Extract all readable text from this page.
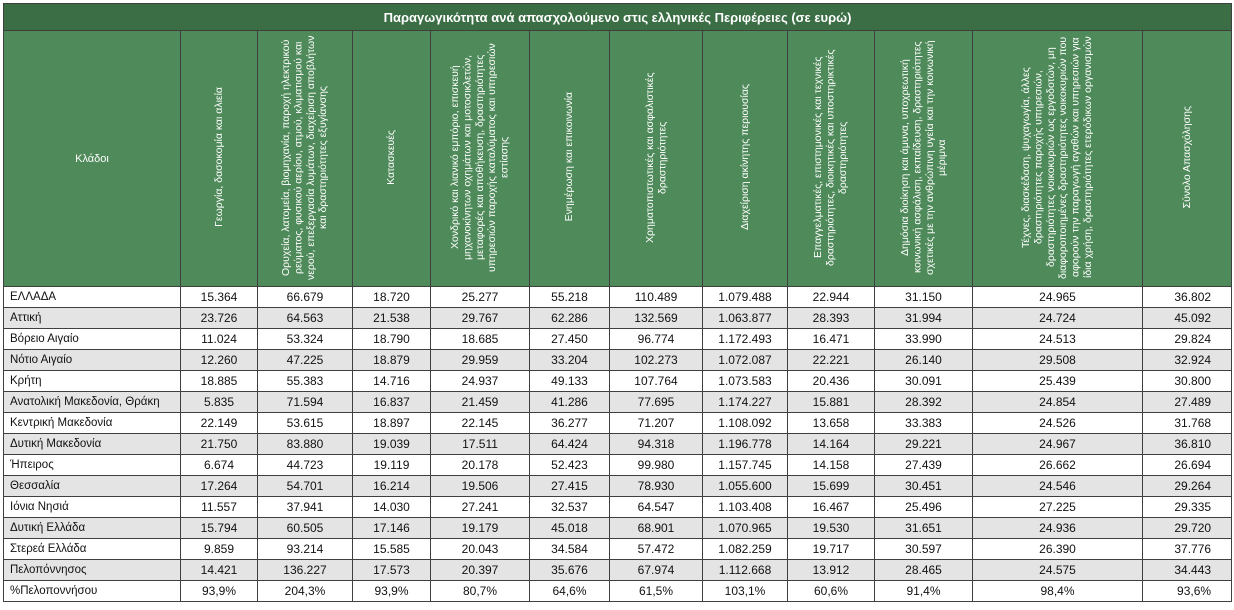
Παραγωγικότητα ανά απασχολούμενο στις ελληνικές Περιφέρειες (σε ευρώ)											
Κλάδοι	Γεωργία, δασοκομία και αλιεία	Ορυχεία, λατομεία, βιομηχανία, παροχή ηλεκτρικού ρεύματος, φυσικού αερίου, ατμού, κλιματισμού και νερού, επεξεργασία λυμάτων, διαχείριση αποβλήτων και δραστηριότητες εξυγίανσης	Κατασκευές	Χονδρικό και λιανικό εμπόριο, επισκευή μηχανοκίνητων οχημάτων και μοτοσικλετών, μεταφορές και αποθήκευση, δραστηριότητες υπηρεσιών παροχής καταλύματος και υπηρεσιών εστίασης	Ενημέρωση και επικοινωνία	Χρηματοπιστωτικές και ασφαλιστικές δραστηριότητες	Διαχείριση ακίνητης περιουσίας	Επαγγελματικές, επιστημονικές και τεχνικές δραστηριότητες, διοικητικές και υποστηρικτικές δραστηριότητες	Δημόσια διοίκηση και άμυνα, υποχρεωτική κοινωνική ασφάλιση, εκπαίδευση, δραστηριότητες σχετικές με την ανθρώπινη υγεία και την κοινωνική μέριμνα	Τέχνες, διασκέδαση, ψυχαγωγία, άλλες δραστηριότητες παροχής υπηρεσιών, δραστηριότητες νοικοκυριών ως εργοδοτών, μη διαφοροποιημένες δραστηριότητες νοικοκυριών που αφορούν την παραγωγή αγαθών και υπηρεσιών για ίδια χρήση, δραστηριότητες ετερόδικων οργανισμών	Σύνολο Απασχόλησης
ΕΛΛΑΔΑ	15.364	66.679	18.720	25.277	55.218	110.489	1.079.488	22.944	31.150	24.965	36.802
Αττική	23.726	64.563	21.538	29.767	62.286	132.569	1.063.877	28.393	31.994	24.724	45.092
Βόρειο Αιγαίο	11.024	53.324	18.790	18.685	27.450	96.774	1.172.493	16.471	33.990	24.513	29.824
Νότιο Αιγαίο	12.260	47.225	18.879	29.959	33.204	102.273	1.072.087	22.221	26.140	29.508	32.924
Κρήτη	18.885	55.383	14.716	24.937	49.133	107.764	1.073.583	20.436	30.091	25.439	30.800
Ανατολική Μακεδονία, Θράκη	5.835	71.594	16.837	21.459	41.286	77.695	1.174.227	15.881	28.392	24.854	27.489
Κεντρική Μακεδονία	22.149	53.615	18.897	22.145	36.277	71.207	1.108.092	13.658	33.383	24.526	31.768
Δυτική Μακεδονία	21.750	83.880	19.039	17.511	64.424	94.318	1.196.778	14.164	29.221	24.967	36.810
Ήπειρος	6.674	44.723	19.119	20.178	52.423	99.980	1.157.745	14.158	27.439	26.662	26.694
Θεσσαλία	17.264	54.701	16.214	19.506	27.415	78.930	1.055.600	15.699	30.451	24.546	29.264
Ιόνια Νησιά	11.557	37.941	14.030	27.241	32.537	64.547	1.103.408	16.467	25.496	27.225	29.335
Δυτική Ελλάδα	15.794	60.505	17.146	19.179	45.018	68.901	1.070.965	19.530	31.651	24.936	29.720
Στερεά Ελλάδα	9.859	93.214	15.585	20.043	34.584	57.472	1.082.259	19.717	30.597	26.390	37.776
Πελοπόννησος	14.421	136.227	17.573	20.397	35.676	67.974	1.112.668	13.912	28.465	24.575	34.443
%Πελοποννήσου	93,9%	204,3%	93,9%	80,7%	64,6%	61,5%	103,1%	60,6%	91,4%	98,4%	93,6%
